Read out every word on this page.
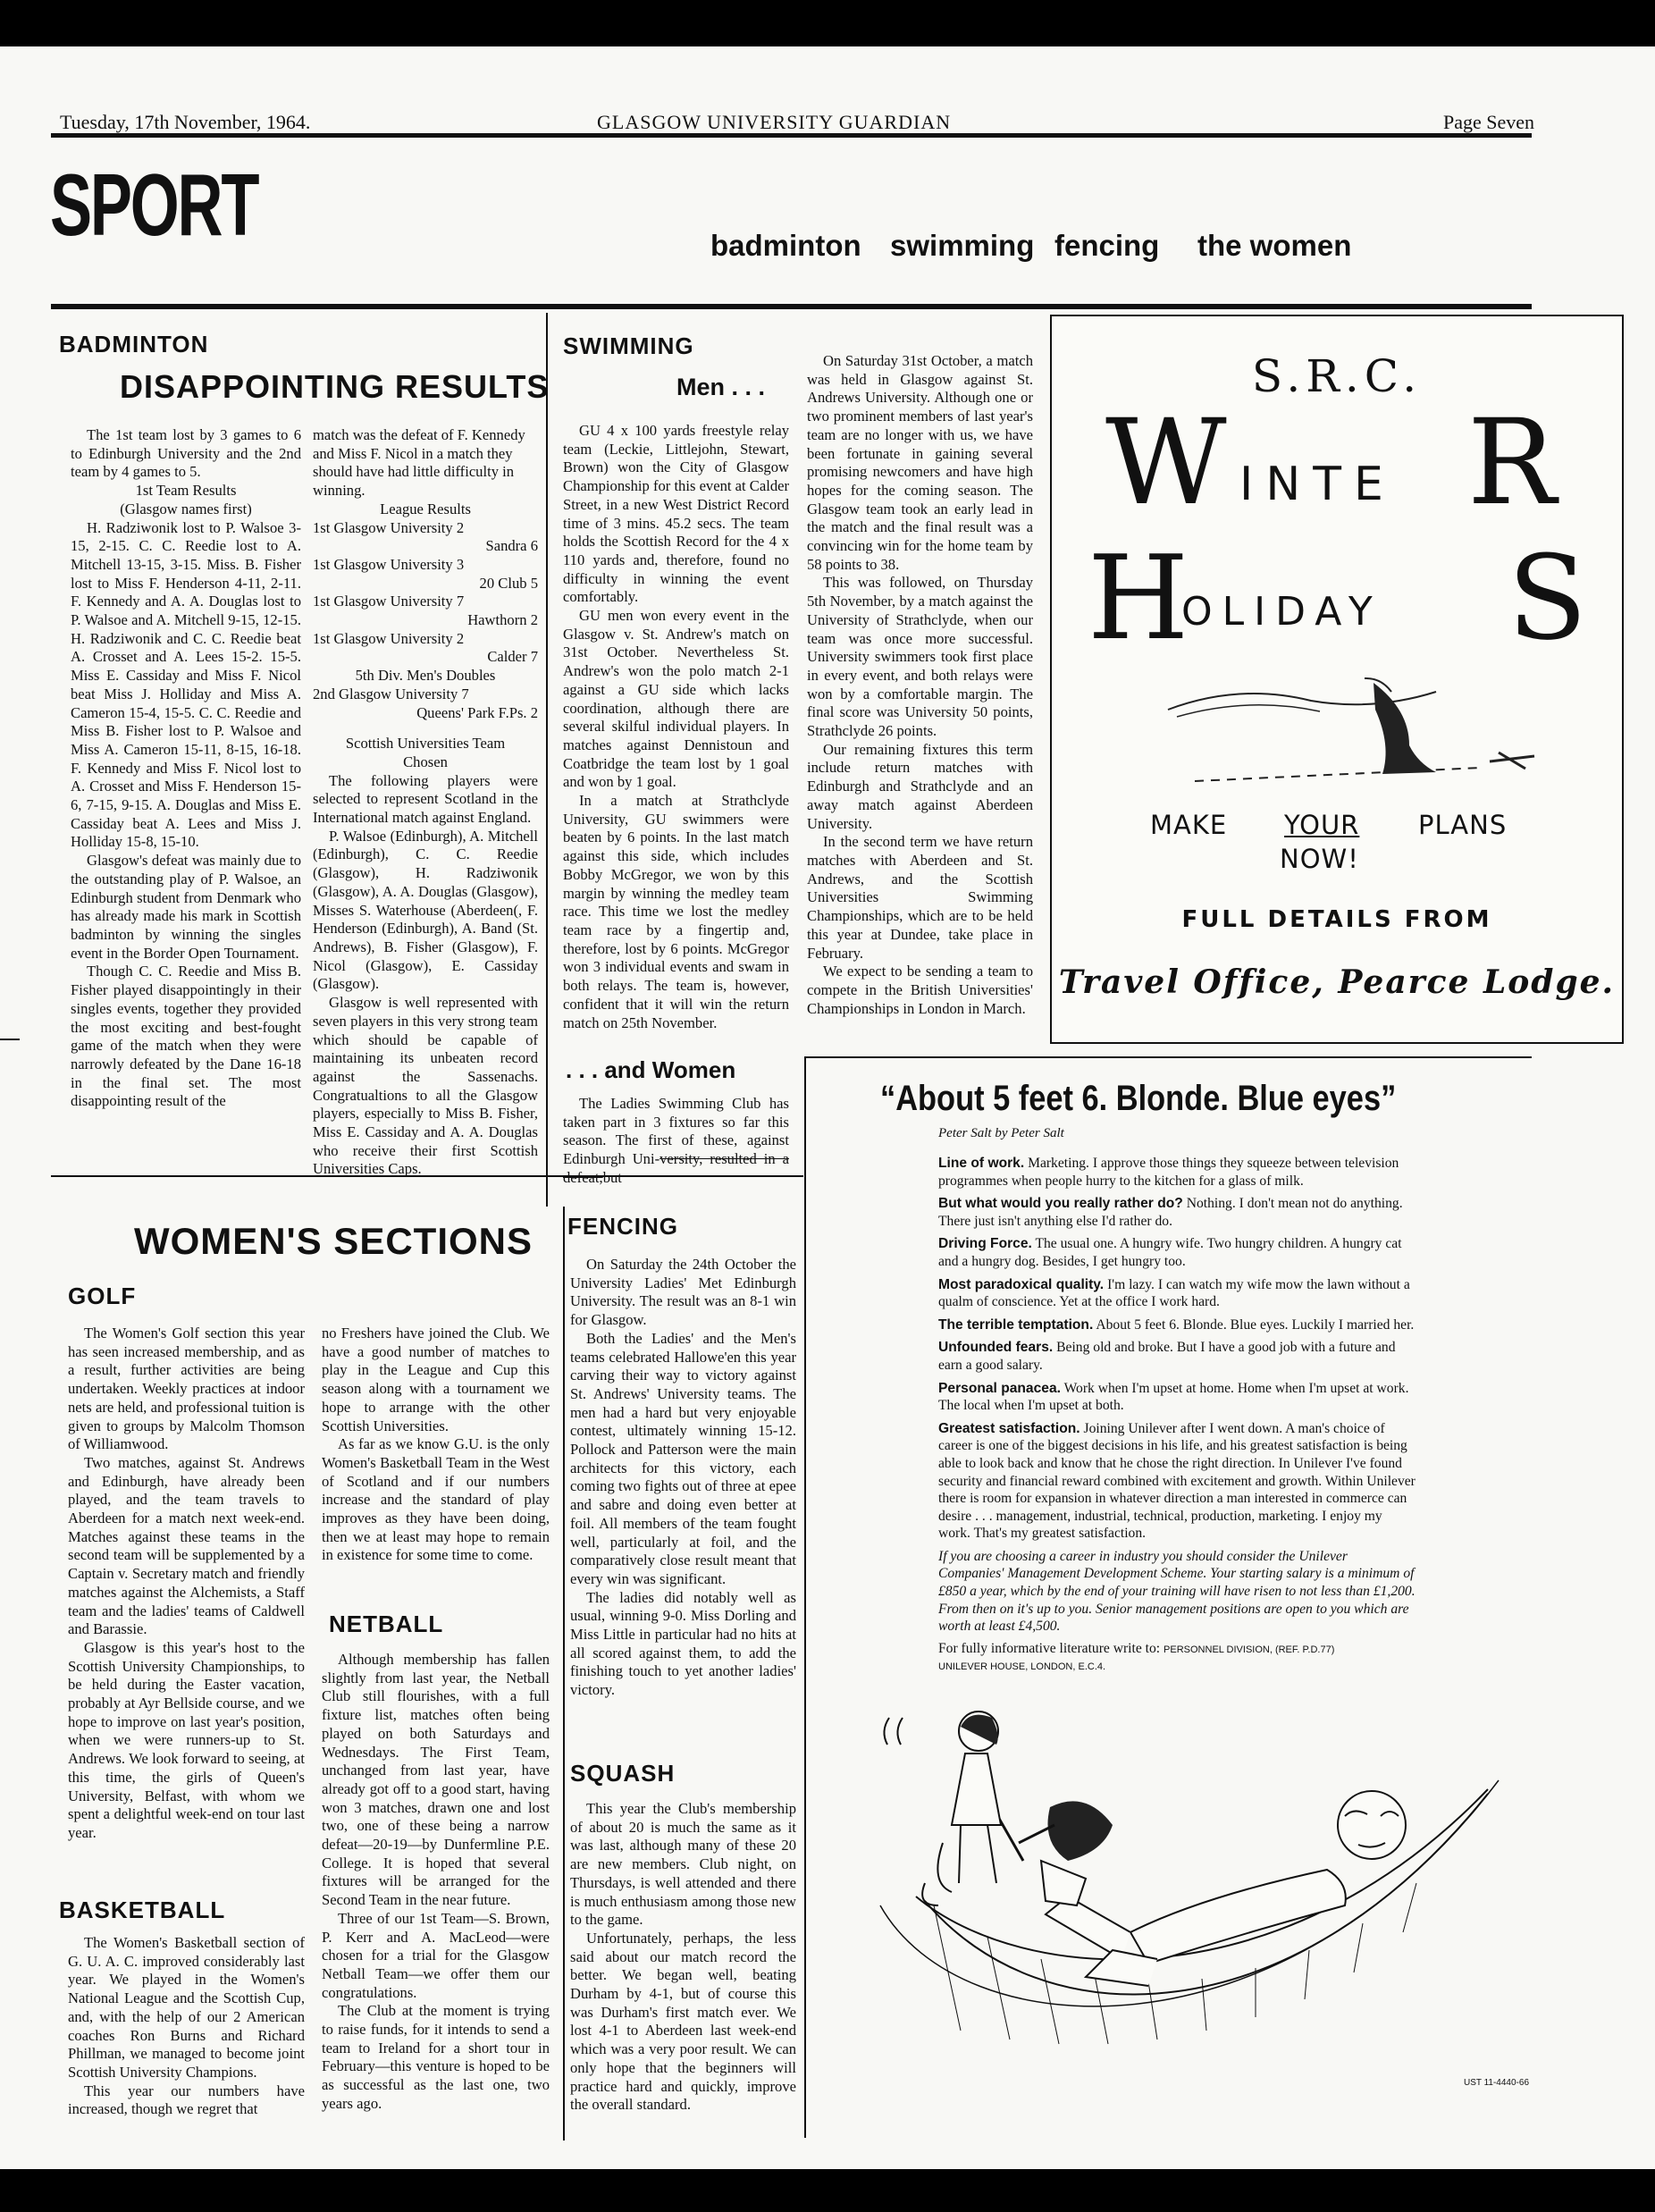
Tuesday, 17th November, 1964.	GLASGOW UNIVERSITY GUARDIAN	Page Seven
SPORT	badminton swimming fencing the women
BADMINTON
DISAPPOINTING RESULTS

The 1st team lost by 3 games to 6 to Edinburgh University and the 2nd team by 4 games to 5.

1st Team Results

(Glasgow names first)

H. Radziwonik lost to P. Walsoe 3-15, 2-15. C. C. Reedie lost to A. Mitchell 13-15, 3-15. Miss. B. Fisher lost to Miss F. Henderson 4-11, 2-11. F. Kennedy and A. A. Douglas lost to P. Walsoe and A. Mitchell 9-15, 12-15. H. Radziwonik and C. C. Reedie beat A. Crosset and A. Lees 15-2. 15-5. Miss E. Cassiday and Miss F. Nicol beat Miss J. Holliday and Miss A. Cameron 15-4, 15-5. C. C. Reedie and Miss B. Fisher lost to P. Walsoe and Miss A. Cameron 15-11, 8-15, 16-18. F. Kennedy and Miss F. Nicol lost to A. Crosset and Miss F. Henderson 15-6, 7-15, 9-15. A. Douglas and Miss E. Cassiday beat A. Lees and Miss J. Holliday 15-8, 15-10.

Glasgow's defeat was mainly due to the outstanding play of P. Walsoe, an Edinburgh student from Denmark who has already made his mark in Scottish badminton by winning the singles event in the Border Open Tournament.

Though C. C. Reedie and Miss B. Fisher played disappointingly in their singles events, together they provided the most exciting and best-fought game of the match when they were narrowly defeated by the Dane 16-18 in the final set. The most disappointing result of the

match was the defeat of F. Kennedy and Miss F. Nicol in a match they should have had little difficulty in winning.

League Results

1st Glasgow University 2

Sandra 6

1st Glasgow University 3

20 Club 5

1st Glasgow University 7

Hawthorn 2

1st Glasgow University 2

Calder 7

5th Div. Men's Doubles

2nd Glasgow University 7

Queens' Park F.Ps. 2

Scottish Universities Team

Chosen

The following players were selected to represent Scotland in the International match against England.

P. Walsoe (Edinburgh), A. Mitchell (Edinburgh), C. C. Reedie (Glasgow), H. Radziwonik (Glasgow), A. A. Douglas (Glasgow), Misses S. Waterhouse (Aberdeen(, F. Henderson (Edinburgh), A. Band (St. Andrews), B. Fisher (Glasgow), F. Nicol (Glasgow), E. Cassiday (Glasgow).

Glasgow is well represented with seven players in this very strong team which should be capable of maintaining its unbeaten record against the Sassenachs. Congratualtions to all the Glasgow players, especially to Miss B. Fisher, Miss E. Cassiday and A. A. Douglas who receive their first Scottish Universities Caps.

SWIMMING
Men . . .

GU 4 x 100 yards freestyle relay team (Leckie, Littlejohn, Stewart, Brown) won the City of Glasgow Championship for this event at Calder Street, in a new West District Record time of 3 mins. 45.2 secs. The team holds the Scottish Record for the 4 x 110 yards and, therefore, found no difficulty in winning the event comfortably.

GU men won every event in the Glasgow v. St. Andrew's match on 31st October. Nevertheless St. Andrew's won the polo match 2-1 against a GU side which lacks coordination, although there are several skilful individual players. In matches against Dennistoun and Coatbridge the team lost by 1 goal and won by 1 goal.

In a match at Strathclyde University, GU swimmers were beaten by 6 points. In the last match against this side, which includes Bobby McGregor, we won by this margin by winning the medley team race. This time we lost the medley team race by a fingertip and, therefore, lost by 6 points. McGregor won 3 individual events and swam in both relays. The team is, however, confident that it will win the return match on 25th November.

. . . and Women

The Ladies Swimming Club has taken part in 3 fixtures so far this season. The first of these, against Edinburgh Uni-versity, resulted in a defeat,but

On Saturday 31st October, a match was held in Glasgow against St. Andrews University. Although one or two prominent members of last year's team are no longer with us, we have been fortunate in gaining several promising newcomers and have high hopes for the coming season. The Glasgow team took an early lead in the match and the final result was a convincing win for the home team by 58 points to 38.

This was followed, on Thursday 5th November, by a match against the University of Strathclyde, when our team was once more successful. University swimmers took first place in every event, and both relays were won by a comfortable margin. The final score was University 50 points, Strathclyde 26 points.

Our remaining fixtures this term include return matches with Edinburgh and Strathclyde and an away match against Aberdeen University.

In the second term we have return matches with Aberdeen and St. Andrews, and the Scottish Universities Swimming Championships, which are to be held this year at Dundee, take place in February.

We expect to be sending a team to compete in the British Universities' Championships in London in March.

S.R.C.
W INTE R
H
OLIDAY S
MAKE YOUR PLANS
NOW!
FULL DETAILS FROM
Travel Office, Pearce Lodge.
WOMEN'S SECTIONS
GOLF

The Women's Golf section this year has seen increased membership, and as a result, further activities are being undertaken. Weekly practices at indoor nets are held, and professional tuition is given to groups by Malcolm Thomson of Williamwood.

Two matches, against St. Andrews and Edinburgh, have already been played, and the team travels to Aberdeen for a match next week-end. Matches against these teams in the second team will be supplemented by a Captain v. Secretary match and friendly matches against the Alchemists, a Staff team and the ladies' teams of Caldwell and Barassie.

Glasgow is this year's host to the Scottish University Championships, to be held during the Easter vacation, probably at Ayr Bellside course, and we hope to improve on last year's position, when we were runners-up to St. Andrews. We look forward to seeing, at this time, the girls of Queen's University, Belfast, with whom we spent a delightful week-end on tour last year.

BASKETBALL

The Women's Basketball section of G. U. A. C. improved considerably last year. We played in the Women's National League and the Scottish Cup, and, with the help of our 2 American coaches Ron Burns and Richard Phillman, we managed to become joint Scottish University Champions.

This year our numbers have increased, though we regret that

no Freshers have joined the Club. We have a good number of matches to play in the League and Cup this season along with a tournament we hope to arrange with the other Scottish Universities.

As far as we know G.U. is the only Women's Basketball Team in the West of Scotland and if our numbers increase and the standard of play improves as they have been doing, then we at least may hope to remain in existence for some time to come.

NETBALL

Although membership has fallen slightly from last year, the Netball Club still flourishes, with a full fixture list, matches often being played on both Saturdays and Wednesdays. The First Team, unchanged from last year, have already got off to a good start, having won 3 matches, drawn one and lost two, one of these being a narrow defeat—20-19—by Dunfermline P.E. College. It is hoped that several fixtures will be arranged for the Second Team in the near future.

Three of our 1st Team—S. Brown, P. Kerr and A. MacLeod—were chosen for a trial for the Glasgow Netball Team—we offer them our congratulations.

The Club at the moment is trying to raise funds, for it intends to send a team to Ireland for a short tour in February—this venture is hoped to be as successful as the last one, two years ago.

FENCING

On Saturday the 24th October the University Ladies' Met Edinburgh University. The result was an 8-1 win for Glasgow.

Both the Ladies' and the Men's teams celebrated Hallowe'en this year carving their way to victory against St. Andrews' University teams. The men had a hard but very enjoyable contest, ultimately winning 15-12. Pollock and Patterson were the main architects for this victory, each coming two fights out of three at epee and sabre and doing even better at foil. All members of the team fought well, particularly at foil, and the comparatively close result meant that every win was significant.

The ladies did notably well as usual, winning 9-0. Miss Dorling and Miss Little in particular had no hits at all scored against them, to add the finishing touch to yet another ladies' victory.

SQUASH

This year the Club's membership of about 20 is much the same as it was last, although many of these 20 are new members. Club night, on Thursdays, is well attended and there is much enthusiasm among those new to the game.

Unfortunately, perhaps, the less said about our match record the better. We began well, beating Durham by 4-1, but of course this was Durham's first match ever. We lost 4-1 to Aberdeen last week-end which was a very poor result. We can only hope that the beginners will practice hard and quickly, improve the overall standard.

“About 5 feet 6. Blonde. Blue eyes”
Peter Salt by Peter Salt

Line of work. Marketing. I approve those things they squeeze between television programmes when people hurry to the kitchen for a glass of milk.

But what would you really rather do? Nothing. I don't mean not do anything. There just isn't anything else I'd rather do.

Driving Force. The usual one. A hungry wife. Two hungry children. A hungry cat and a hungry dog. Besides, I get hungry too.

Most paradoxical quality. I'm lazy. I can watch my wife mow the lawn without a qualm of conscience. Yet at the office I work hard.

The terrible temptation. About 5 feet 6. Blonde. Blue eyes. Luckily I married her.

Unfounded fears. Being old and broke. But I have a good job with a future and earn a good salary.

Personal panacea. Work when I'm upset at home. Home when I'm upset at work. The local when I'm upset at both.

Greatest satisfaction. Joining Unilever after I went down. A man's choice of career is one of the biggest decisions in his life, and his greatest satisfaction is being able to look back and know that he chose the right direction. In Unilever I've found security and financial reward combined with excitement and growth. Within Unilever there is room for expansion in whatever direction a man interested in commerce can desire . . . management, industrial, technical, production, marketing. I enjoy my work. That's my greatest satisfaction.

If you are choosing a career in industry you should consider the Unilever Companies' Management Development Scheme. Your starting salary is a minimum of £850 a year, which by the end of your training will have risen to not less than £1,200. From then on it's up to you. Senior management positions are open to you which are worth at least £4,500.

For fully informative literature write to: PERSONNEL DIVISION, (REF. P.D.77)
UNILEVER HOUSE, LONDON, E.C.4.

UST 11-4440-66
